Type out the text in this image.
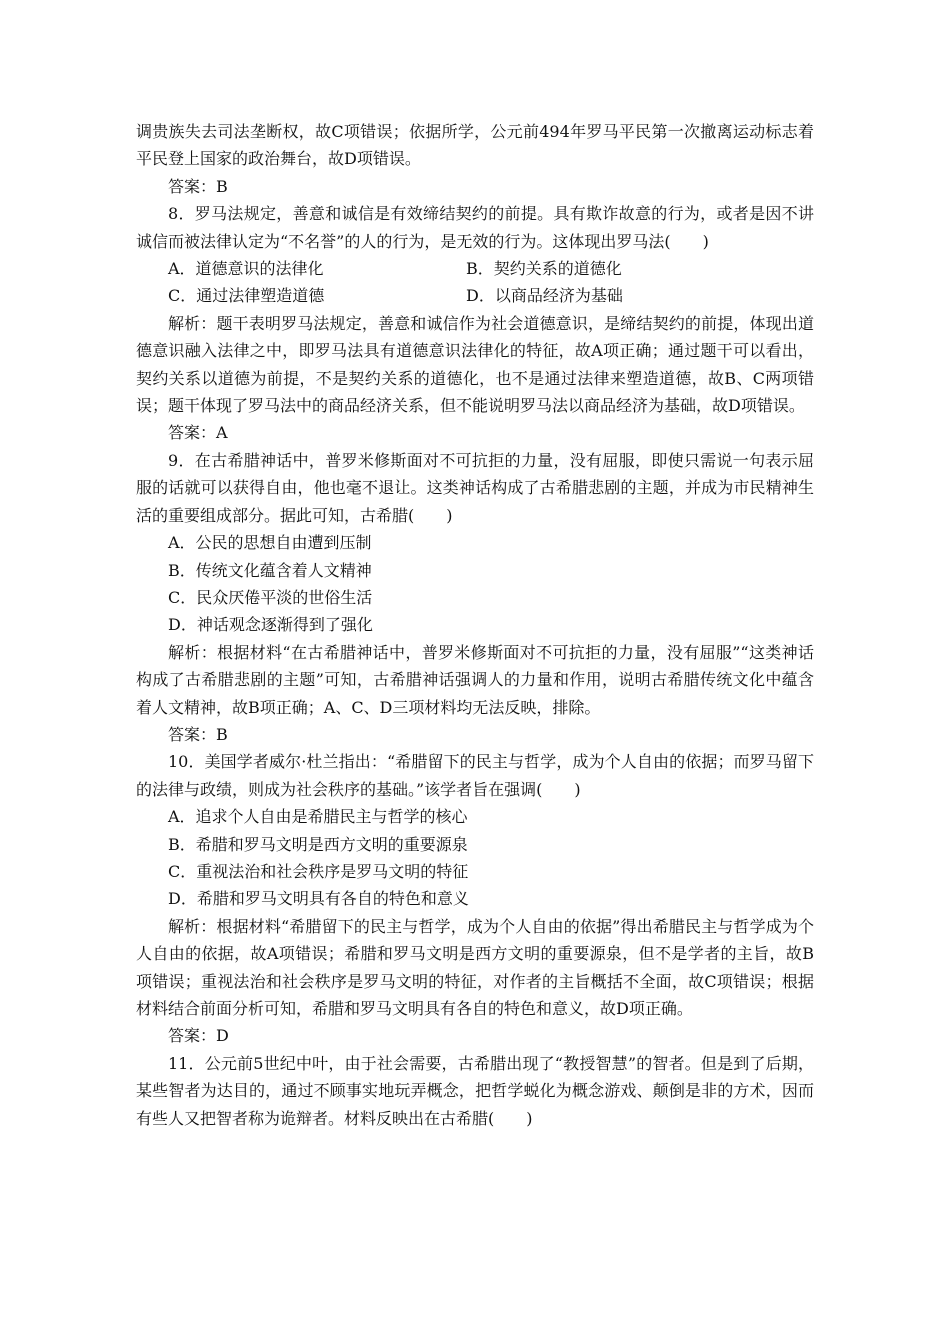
调贵族失去司法垄断权，故C项错误；依据所学，公元前494年罗马平民第一次撤离运动标志着平民登上国家的政治舞台，故D项错误。

答案：B

8．罗马法规定，善意和诚信是有效缔结契约的前提。具有欺诈故意的行为，或者是因不讲诚信而被法律认定为“不名誉”的人的行为，是无效的行为。这体现出罗马法(　　)

A．道德意识的法律化	B．契约关系的道德化
C．通过法律塑造道德	D．以商品经济为基础

解析：题干表明罗马法规定，善意和诚信作为社会道德意识，是缔结契约的前提，体现出道德意识融入法律之中，即罗马法具有道德意识法律化的特征，故A项正确；通过题干可以看出，契约关系以道德为前提，不是契约关系的道德化，也不是通过法律来塑造道德，故B、C两项错误；题干体现了罗马法中的商品经济关系，但不能说明罗马法以商品经济为基础，故D项错误。

答案：A

9．在古希腊神话中，普罗米修斯面对不可抗拒的力量，没有屈服，即使只需说一句表示屈服的话就可以获得自由，他也毫不退让。这类神话构成了古希腊悲剧的主题，并成为市民精神生活的重要组成部分。据此可知，古希腊(　　)

A．公民的思想自由遭到压制

B．传统文化蕴含着人文精神

C．民众厌倦平淡的世俗生活

D．神话观念逐渐得到了强化

解析：根据材料“在古希腊神话中，普罗米修斯面对不可抗拒的力量，没有屈服”“这类神话构成了古希腊悲剧的主题”可知，古希腊神话强调人的力量和作用，说明古希腊传统文化中蕴含着人文精神，故B项正确；A、C、D三项材料均无法反映，排除。

答案：B

10．美国学者威尔·杜兰指出：“希腊留下的民主与哲学，成为个人自由的依据；而罗马留下的法律与政绩，则成为社会秩序的基础。”该学者旨在强调(　　)

A．追求个人自由是希腊民主与哲学的核心

B．希腊和罗马文明是西方文明的重要源泉

C．重视法治和社会秩序是罗马文明的特征

D．希腊和罗马文明具有各自的特色和意义

解析：根据材料“希腊留下的民主与哲学，成为个人自由的依据”得出希腊民主与哲学成为个人自由的依据，故A项错误；希腊和罗马文明是西方文明的重要源泉，但不是学者的主旨，故B项错误；重视法治和社会秩序是罗马文明的特征，对作者的主旨概括不全面，故C项错误；根据材料结合前面分析可知，希腊和罗马文明具有各自的特色和意义，故D项正确。

答案：D

11．公元前5世纪中叶，由于社会需要，古希腊出现了“教授智慧”的智者。但是到了后期，某些智者为达目的，通过不顾事实地玩弄概念，把哲学蜕化为概念游戏、颠倒是非的方术，因而有些人又把智者称为诡辩者。材料反映出在古希腊(　　)
